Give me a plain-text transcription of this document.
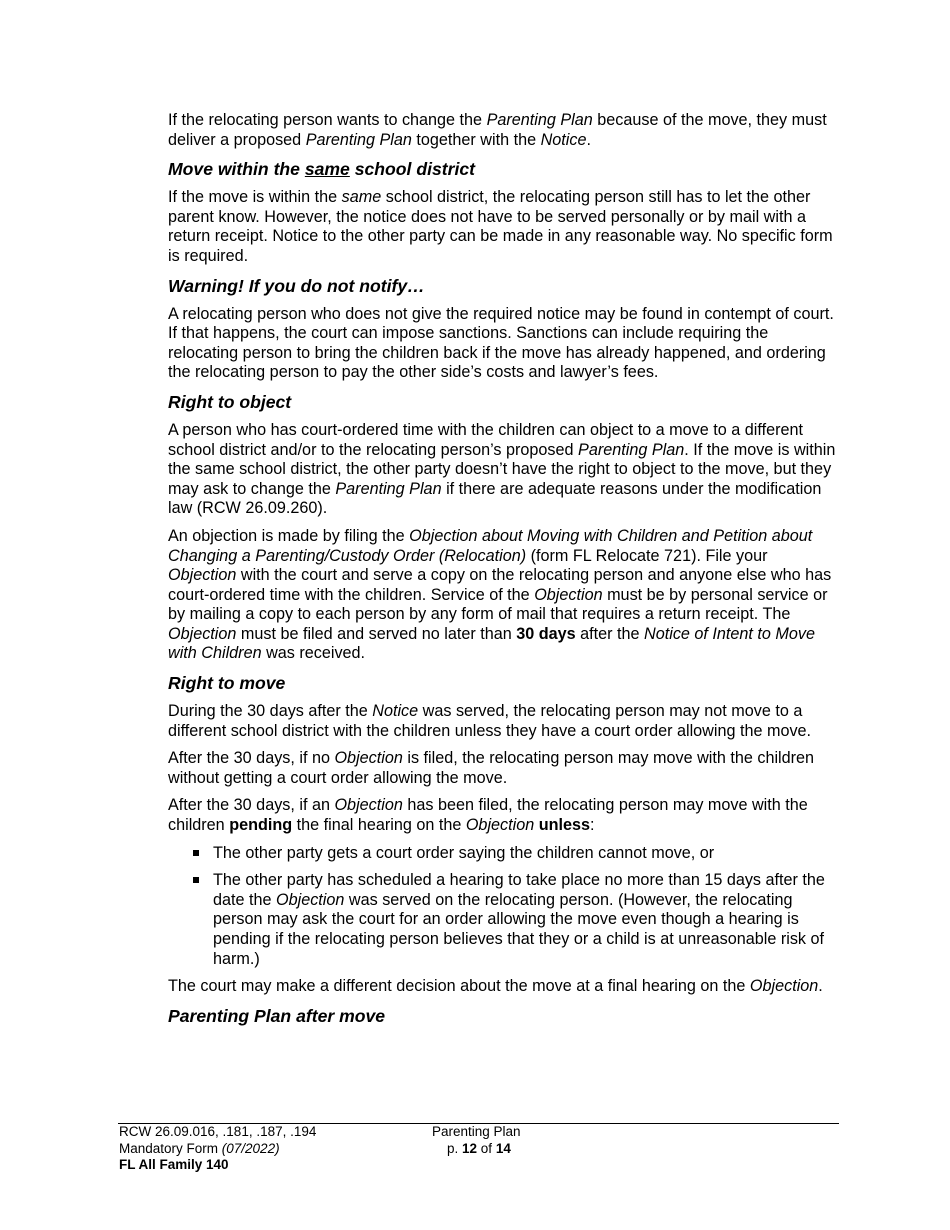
If the relocating person wants to change the Parenting Plan because of the move, they must deliver a proposed Parenting Plan together with the Notice.

Move within the same school district

If the move is within the same school district, the relocating person still has to let the other parent know. However, the notice does not have to be served personally or by mail with a return receipt. Notice to the other party can be made in any reasonable way. No specific form is required.

Warning! If you do not notify…

A relocating person who does not give the required notice may be found in contempt of court. If that happens, the court can impose sanctions. Sanctions can include requiring the relocating person to bring the children back if the move has already happened, and ordering the relocating person to pay the other side’s costs and lawyer’s fees.

Right to object

A person who has court-ordered time with the children can object to a move to a different school district and/or to the relocating person’s proposed Parenting Plan. If the move is within the same school district, the other party doesn’t have the right to object to the move, but they may ask to change the Parenting Plan if there are adequate reasons under the modification law (RCW 26.09.260).

An objection is made by filing the Objection about Moving with Children and Petition about Changing a Parenting/Custody Order (Relocation) (form FL Relocate 721). File your Objection with the court and serve a copy on the relocating person and anyone else who has court-ordered time with the children. Service of the Objection must be by personal service or by mailing a copy to each person by any form of mail that requires a return receipt. The Objection must be filed and served no later than 30 days after the Notice of Intent to Move with Children was received.

Right to move

During the 30 days after the Notice was served, the relocating person may not move to a different school district with the children unless they have a court order allowing the move.

After the 30 days, if no Objection is filed, the relocating person may move with the children without getting a court order allowing the move.

After the 30 days, if an Objection has been filed, the relocating person may move with the children pending the final hearing on the Objection unless:

The other party gets a court order saying the children cannot move, or
The other party has scheduled a hearing to take place no more than 15 days after the date the Objection was served on the relocating person. (However, the relocating person may ask the court for an order allowing the move even though a hearing is pending if the relocating person believes that they or a child is at unreasonable risk of harm.)

The court may make a different decision about the move at a final hearing on the Objection.

Parenting Plan after move
RCW 26.09.016, .181, .187, .194
Mandatory Form (07/2022)
FL All Family 140
Parenting Plan
p. 12 of 14
